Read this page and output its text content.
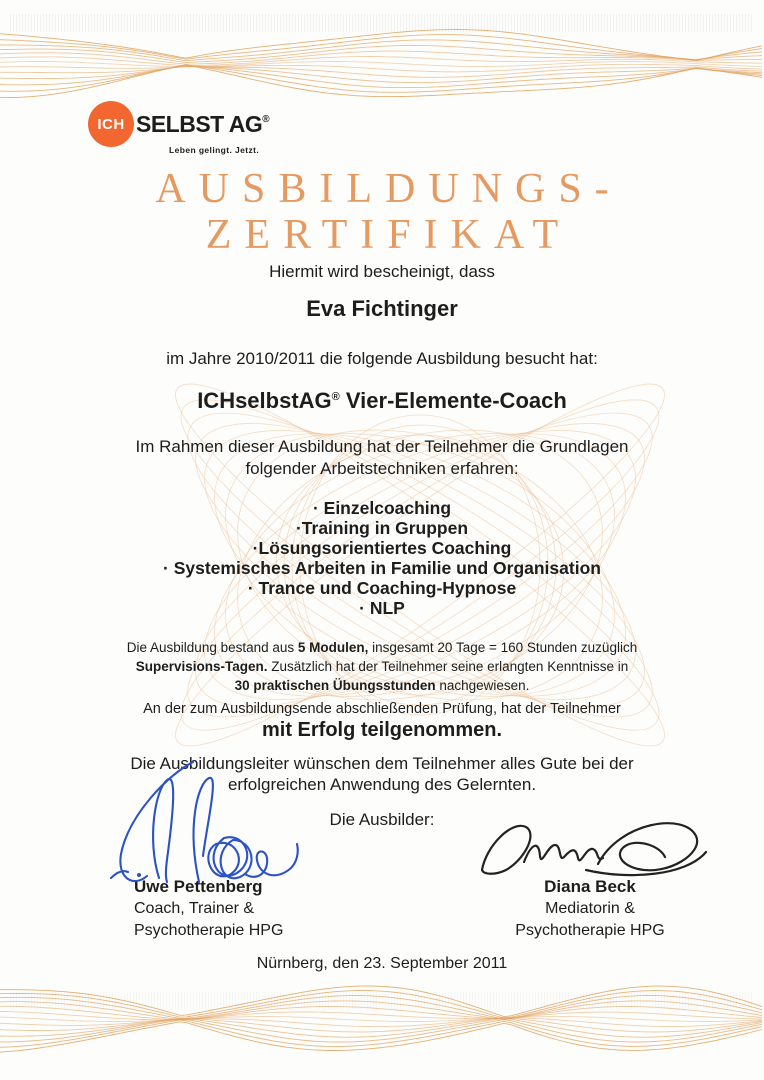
ICH SELBST AG®
Leben gelingt. Jetzt.
AUSBILDUNGS-
ZERTIFIKAT
Hiermit wird bescheinigt, dass
Eva Fichtinger
im Jahre 2010/2011 die folgende Ausbildung besucht hat:
ICHselbstAG® Vier-Elemente-Coach
Im Rahmen dieser Ausbildung hat der Teilnehmer die Grundlagen
folgender Arbeitstechniken erfahren:
· Einzelcoaching
·Training in Gruppen
·Lösungsorientiertes Coaching
· Systemisches Arbeiten in Familie und Organisation
· Trance und Coaching-Hypnose
· NLP
Die Ausbildung bestand aus 5 Modulen, insgesamt 20 Tage = 160 Stunden zuzüglich
Supervisions-Tagen. Zusätzlich hat der Teilnehmer seine erlangten Kenntnisse in
30 praktischen Übungsstunden nachgewiesen.
An der zum Ausbildungsende abschließenden Prüfung, hat der Teilnehmer
mit Erfolg teilgenommen.
Die Ausbildungsleiter wünschen dem Teilnehmer alles Gute bei der
erfolgreichen Anwendung des Gelernten.
Die Ausbilder:
Uwe Pettenberg
Coach, Trainer &
Psychotherapie HPG
Diana Beck
Mediatorin &
Psychotherapie HPG
Nürnberg, den 23. September 2011
